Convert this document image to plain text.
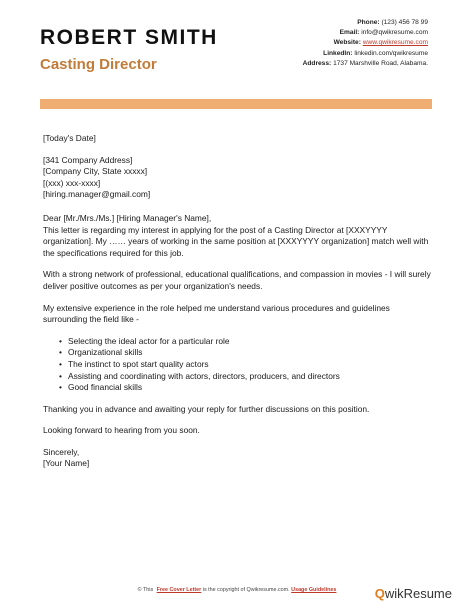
ROBERT SMITH
Casting Director
Phone: (123) 456 78 99
Email: info@qwikresume.com
Website: www.qwikresume.com
LinkedIn: linkedin.com/qwikresume
Address: 1737 Marshville Road, Alabama.

[Today's Date]

[341 Company Address]

[Company City, State xxxxx]

[(xxx) xxx-xxxx]

[hiring.manager@gmail.com]

Dear [Mr./Mrs./Ms.] [Hiring Manager's Name],

This letter is regarding my interest in applying for the post of a Casting Director at [XXXYYYY organization]. My …… years of working in the same position at [XXXYYYY organization] match well with the specifications required for this job.

With a strong network of professional, educational qualifications, and compassion in movies - I will surely deliver positive outcomes as per your organization's needs.

My extensive experience in the role helped me understand various procedures and guidelines surrounding the field like -

• Selecting the ideal actor for a particular role
• Organizational skills
• The instinct to spot start quality actors
• Assisting and coordinating with actors, directors, producers, and directors
• Good financial skills

Thanking you in advance and awaiting your reply for further discussions on this position.

Looking forward to hearing from you soon.

Sincerely,

[Your Name]

© This Free Cover Letter is the copyright of Qwikresume.com. Usage Guidelines	QwikResume
